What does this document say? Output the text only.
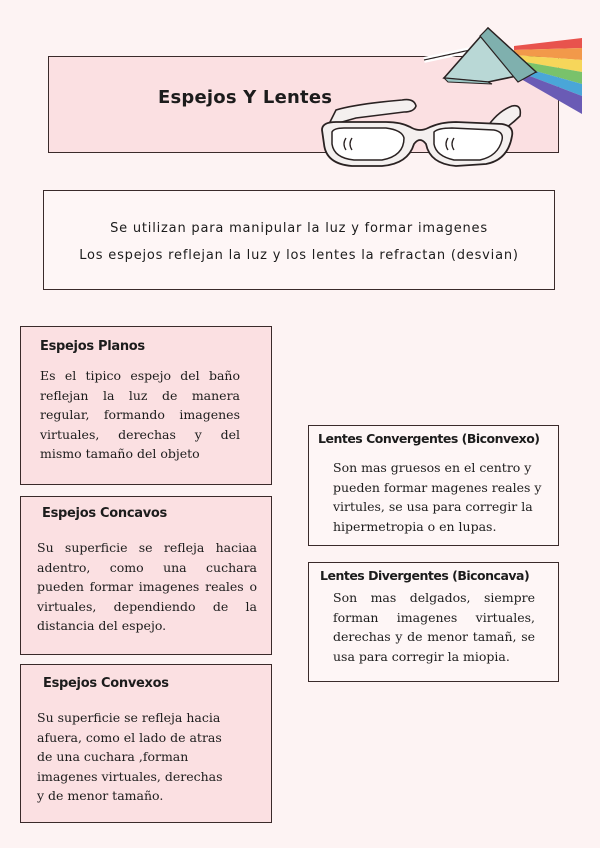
Espejos Y Lentes
Se utilizan para manipular la luz y formar imagenes
Los espejos reflejan la luz y los lentes la refractan (desvian)
Espejos Planos

Es el tipico espejo del baño reflejan la luz de manera regular, formando imagenes virtuales, derechas y del mismo tamaño del objeto

Espejos Concavos

Su superficie se refleja haciaa adentro, como una cuchara pueden formar imagenes reales o virtuales, dependiendo de la distancia del espejo.

Espejos Convexos

Su superficie se refleja hacia afuera, como el lado de atras de una cuchara ,forman imagenes virtuales, derechas y de menor tamaño.

Lentes Convergentes (Biconvexo)

Son mas gruesos en el centro y pueden formar magenes reales y virtules, se usa para corregir la hipermetropia o en lupas.

Lentes Divergentes (Biconcava)

Son mas delgados, siempre forman imagenes virtuales, derechas y de menor tamañ, se usa para corregir la miopia.
